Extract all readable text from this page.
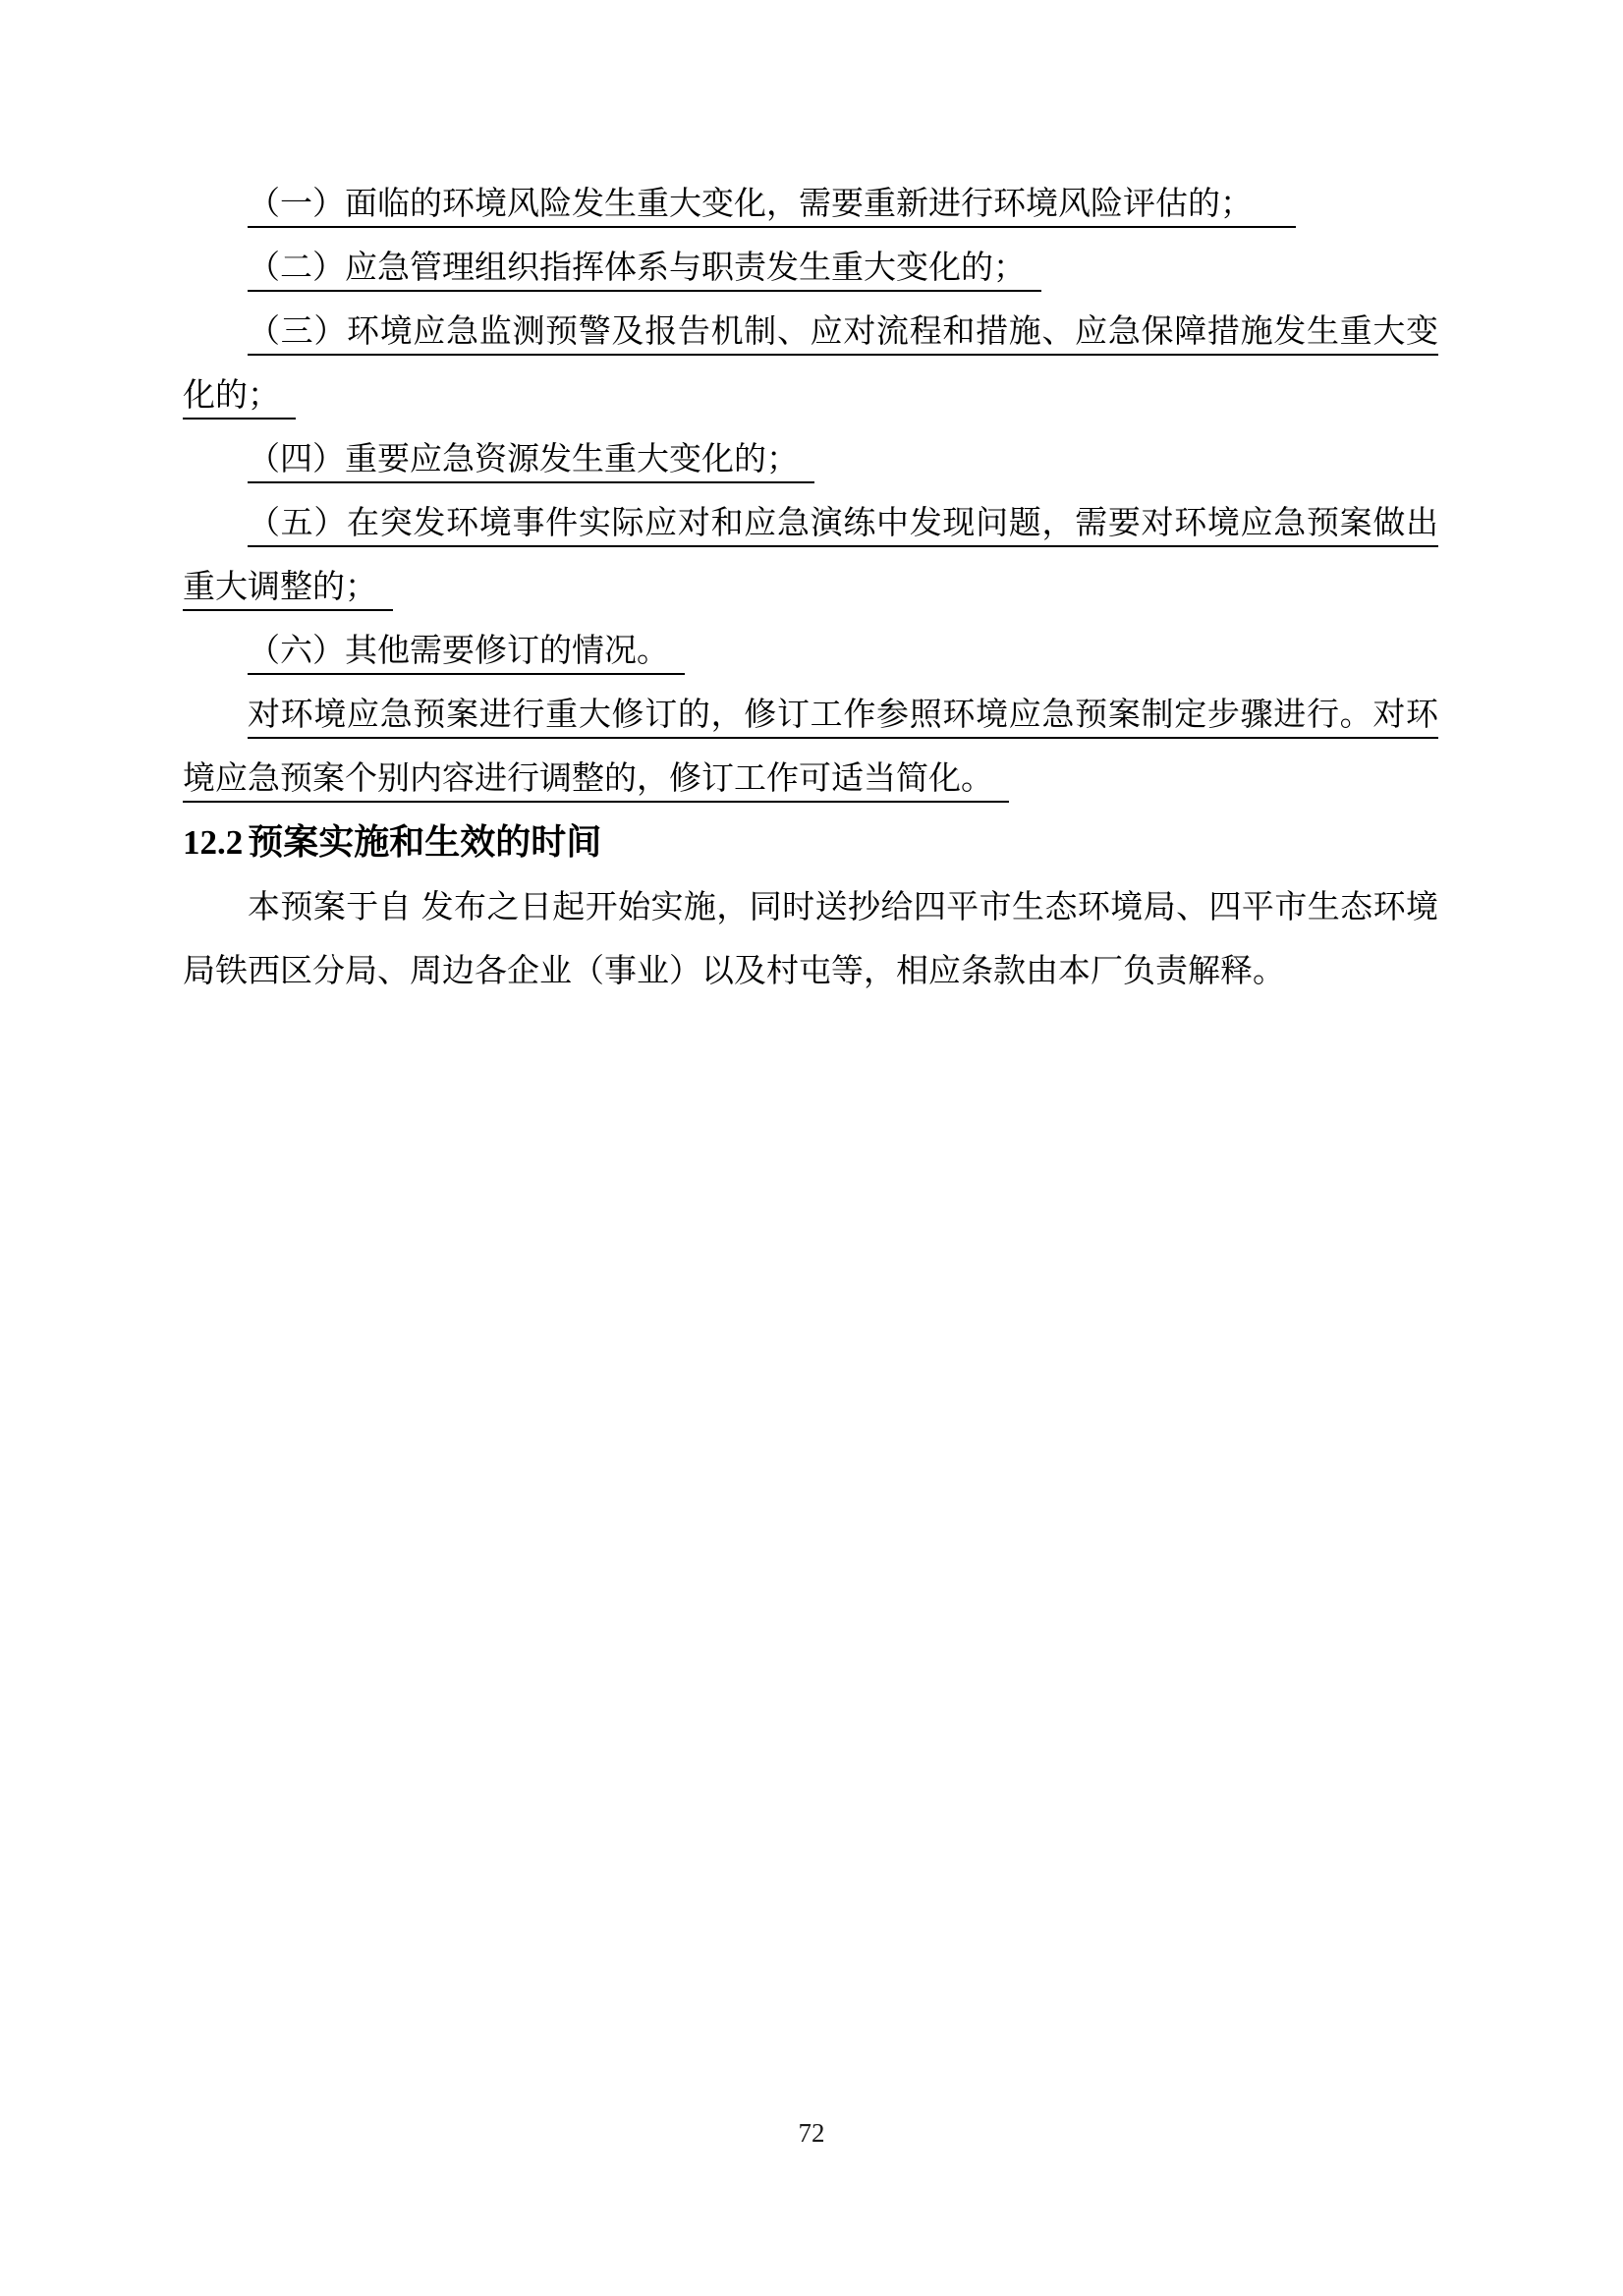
（一）面临的环境风险发生重大变化，需要重新进行环境风险评估的；
（二）应急管理组织指挥体系与职责发生重大变化的；
（三）环境应急监测预警及报告机制、应对流程和措施、应急保障措施发生重大变
化的；
（四）重要应急资源发生重大变化的；
（五）在突发环境事件实际应对和应急演练中发现问题，需要对环境应急预案做出
重大调整的；
（六）其他需要修订的情况。
对环境应急预案进行重大修订的，修订工作参照环境应急预案制定步骤进行。对环
境应急预案个别内容进行调整的，修订工作可适当简化。
12.2 预案实施和生效的时间
本预案于自 发布之日起开始实施，同时送抄给四平市生态环境局、四平市生态环境
局铁西区分局、周边各企业（事业）以及村屯等，相应条款由本厂负责解释。
72
